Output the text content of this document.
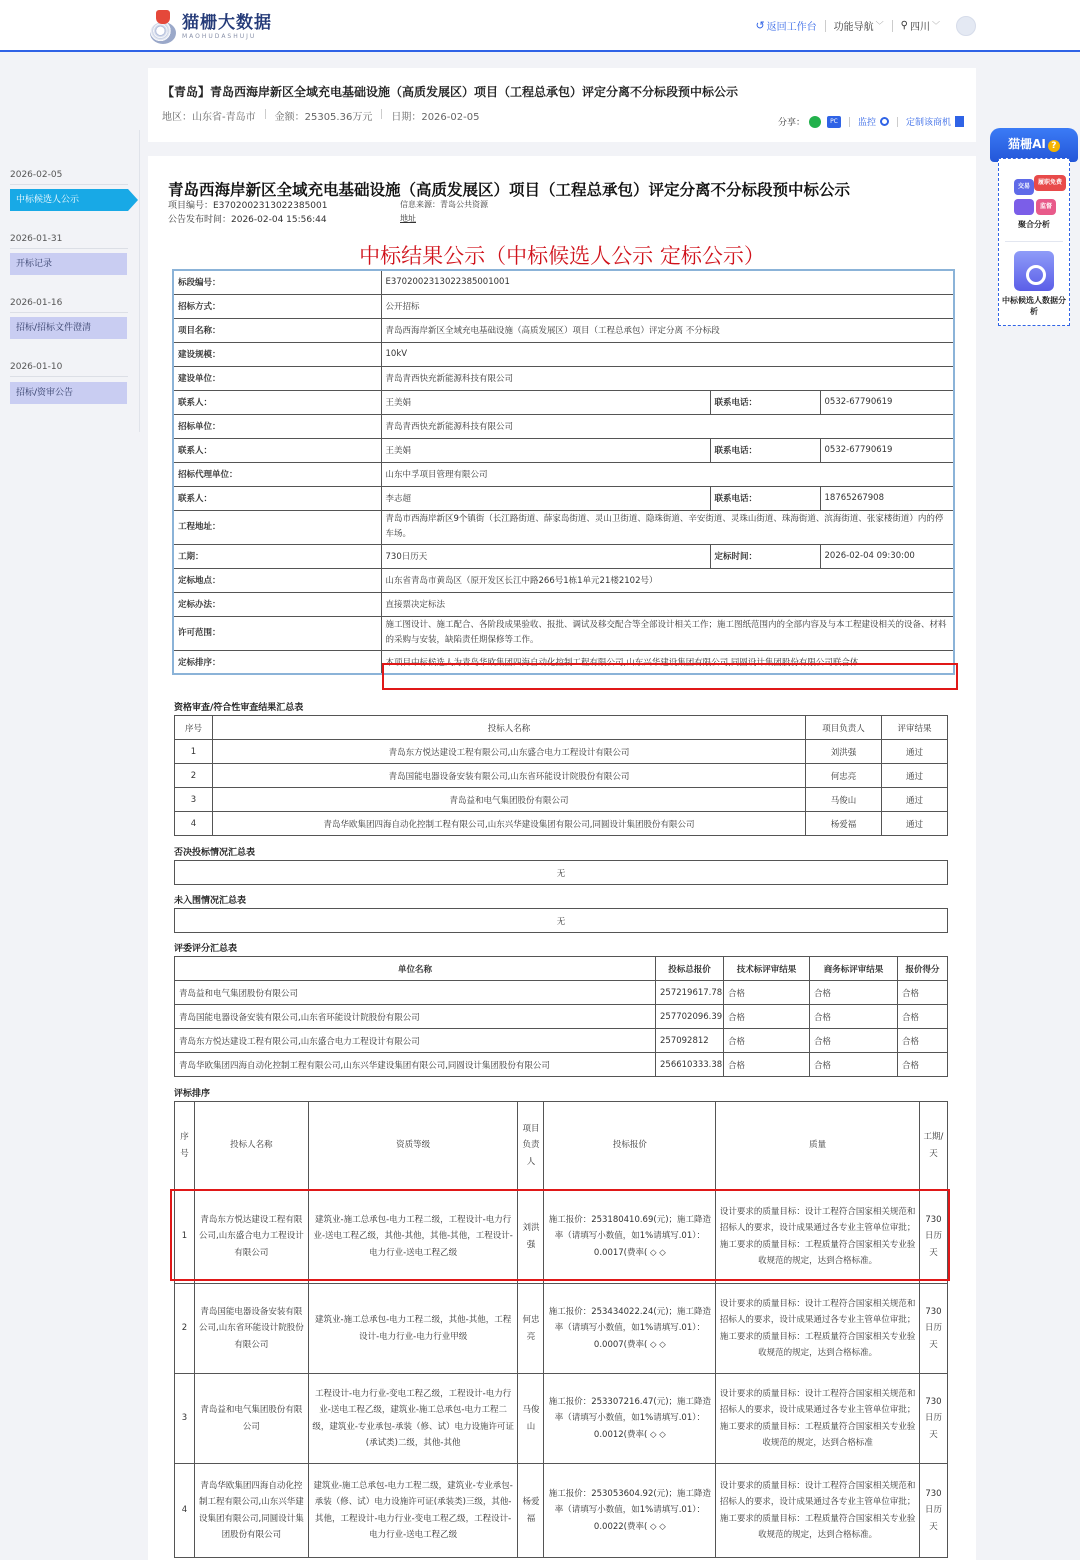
猫栅大数据
MAOHUDASHUJU
↺ 返回工作台 功能导航 ﹀ ⚲ 四川 ﹀
【青岛】青岛西海岸新区全域充电基础设施（高质发展区）项目（工程总承包）评定分离不分标段预中标公示
地区：山东省-青岛市 金额：25305.36万元 日期：2026-02-05	分享：	PC	监控	定制该商机
2026-02-05
中标候选人公示
2026-01-31
开标记录
2026-01-16
招标/招标文件澄清
2026-01-10
招标/资审公告
猫栅AI ?
交易
履职免费
监督
聚合分析
中标候选人数据分析
青岛西海岸新区全域充电基础设施（高质发展区）项目（工程总承包）评定分离不分标段预中标公示
项目编号：E3702002313022385001
公告发布时间：2026-02-04 15:56:44
信息来源：青岛公共资源
地址
中标结果公示（中标候选人公示 定标公示）
标段编号：	E3702002313022385001001		
招标方式：	公开招标		
项目名称：	青岛西海岸新区全域充电基础设施（高质发展区）项目（工程总承包）评定分离 不分标段		
建设规模：	10kV		
建设单位：	青岛青西快充新能源科技有限公司		
联系人：	王美娟	联系电话：	0532-67790619
招标单位：	青岛青西快充新能源科技有限公司		
联系人：	王美娟	联系电话：	0532-67790619
招标代理单位：	山东中孚项目管理有限公司		
联系人：	李志超	联系电话：	18765267908
工程地址：	青岛市西海岸新区9个镇街（长江路街道、薛家岛街道、灵山卫街道、隐珠街道、辛安街道、灵珠山街道、珠海街道、滨海街道、张家楼街道）内的停车场。		
工期：	730日历天	定标时间：	2026-02-04 09:30:00
定标地点：	山东省青岛市黄岛区（原开发区长江中路266号1栋1单元21楼2102号）		
定标办法：	直接票决定标法		
许可范围：	施工图设计、施工配合、各阶段成果验收、报批、调试及移交配合等全部设计相关工作；施工图纸范围内的全部内容及与本工程建设相关的设备、材料的采购与安装，缺陷责任期保修等工作。		
定标排序：	本项目中标候选人为青岛华欧集团四海自动化控制工程有限公司,山东兴华建设集团有限公司,同圆设计集团股份有限公司联合体		
资格审查/符合性审查结果汇总表
序号	投标人名称	项目负责人	评审结果
1	青岛东方悦达建设工程有限公司,山东盛合电力工程设计有限公司	刘洪强	通过
2	青岛国能电器设备安装有限公司,山东省环能设计院股份有限公司	何忠亮	通过
3	青岛益和电气集团股份有限公司	马俊山	通过
4	青岛华欧集团四海自动化控制工程有限公司,山东兴华建设集团有限公司,同圆设计集团股份有限公司	杨爱福	通过
否决投标情况汇总表
无
未入围情况汇总表
无
评委评分汇总表
单位名称	投标总报价	技术标评审结果	商务标评审结果	报价得分
青岛益和电气集团股份有限公司	257219617.78	合格	合格	合格
青岛国能电器设备安装有限公司,山东省环能设计院股份有限公司	257702096.39	合格	合格	合格
青岛东方悦达建设工程有限公司,山东盛合电力工程设计有限公司	257092812	合格	合格	合格
青岛华欧集团四海自动化控制工程有限公司,山东兴华建设集团有限公司,同圆设计集团股份有限公司	256610333.38	合格	合格	合格
评标排序
序号	投标人名称	资质等级	项目负责人	投标报价	质量	工期/天
1	青岛东方悦达建设工程有限公司,山东盛合电力工程设计有限公司	建筑业-施工总承包-电力工程二级，工程设计-电力行业-送电工程乙级，其他-其他，其他-其他，工程设计-电力行业-送电工程乙级	刘洪强	施工报价：253180410.69(元)；施工降造率（请填写小数值，如1%请填写.01）：0.0017(费率( ◇ ◇	设计要求的质量目标：设计工程符合国家相关规范和招标人的要求，设计成果通过各专业主管单位审批；施工要求的质量目标：工程质量符合国家相关专业验收规范的规定，达到合格标准。	730日历天
2	青岛国能电器设备安装有限公司,山东省环能设计院股份有限公司	建筑业-施工总承包-电力工程二级，其他-其他，工程设计-电力行业-电力行业甲级	何忠亮	施工报价：253434022.24(元)；施工降造率（请填写小数值，如1%请填写.01）：0.0007(费率( ◇ ◇	设计要求的质量目标：设计工程符合国家相关规范和招标人的要求，设计成果通过各专业主管单位审批；施工要求的质量目标：工程质量符合国家相关专业验收规范的规定，达到合格标准。	730日历天
3	青岛益和电气集团股份有限公司	工程设计-电力行业-变电工程乙级，工程设计-电力行业-送电工程乙级，建筑业-施工总承包-电力工程二级，建筑业-专业承包-承装（修、试）电力设施许可证(承试类)二级，其他-其他	马俊山	施工报价：253307216.47(元)；施工降造率（请填写小数值，如1%请填写.01）：0.0012(费率( ◇ ◇	设计要求的质量目标：设计工程符合国家相关规范和招标人的要求，设计成果通过各专业主管单位审批；施工要求的质量目标：工程质量符合国家相关专业验收规范的规定，达到合格标准	730日历天
4	青岛华欧集团四海自动化控制工程有限公司,山东兴华建设集团有限公司,同圆设计集团股份有限公司	建筑业-施工总承包-电力工程二级，建筑业-专业承包-承装（修、试）电力设施许可证(承装类)三级，其他-其他，工程设计-电力行业-变电工程乙级，工程设计-电力行业-送电工程乙级	杨爱福	施工报价：253053604.92(元)；施工降造率（请填写小数值，如1%请填写.01）：0.0022(费率( ◇ ◇	设计要求的质量目标：设计工程符合国家相关规范和招标人的要求，设计成果通过各专业主管单位审批；施工要求的质量目标：工程质量符合国家相关专业验收规范的规定，达到合格标准。	730日历天
